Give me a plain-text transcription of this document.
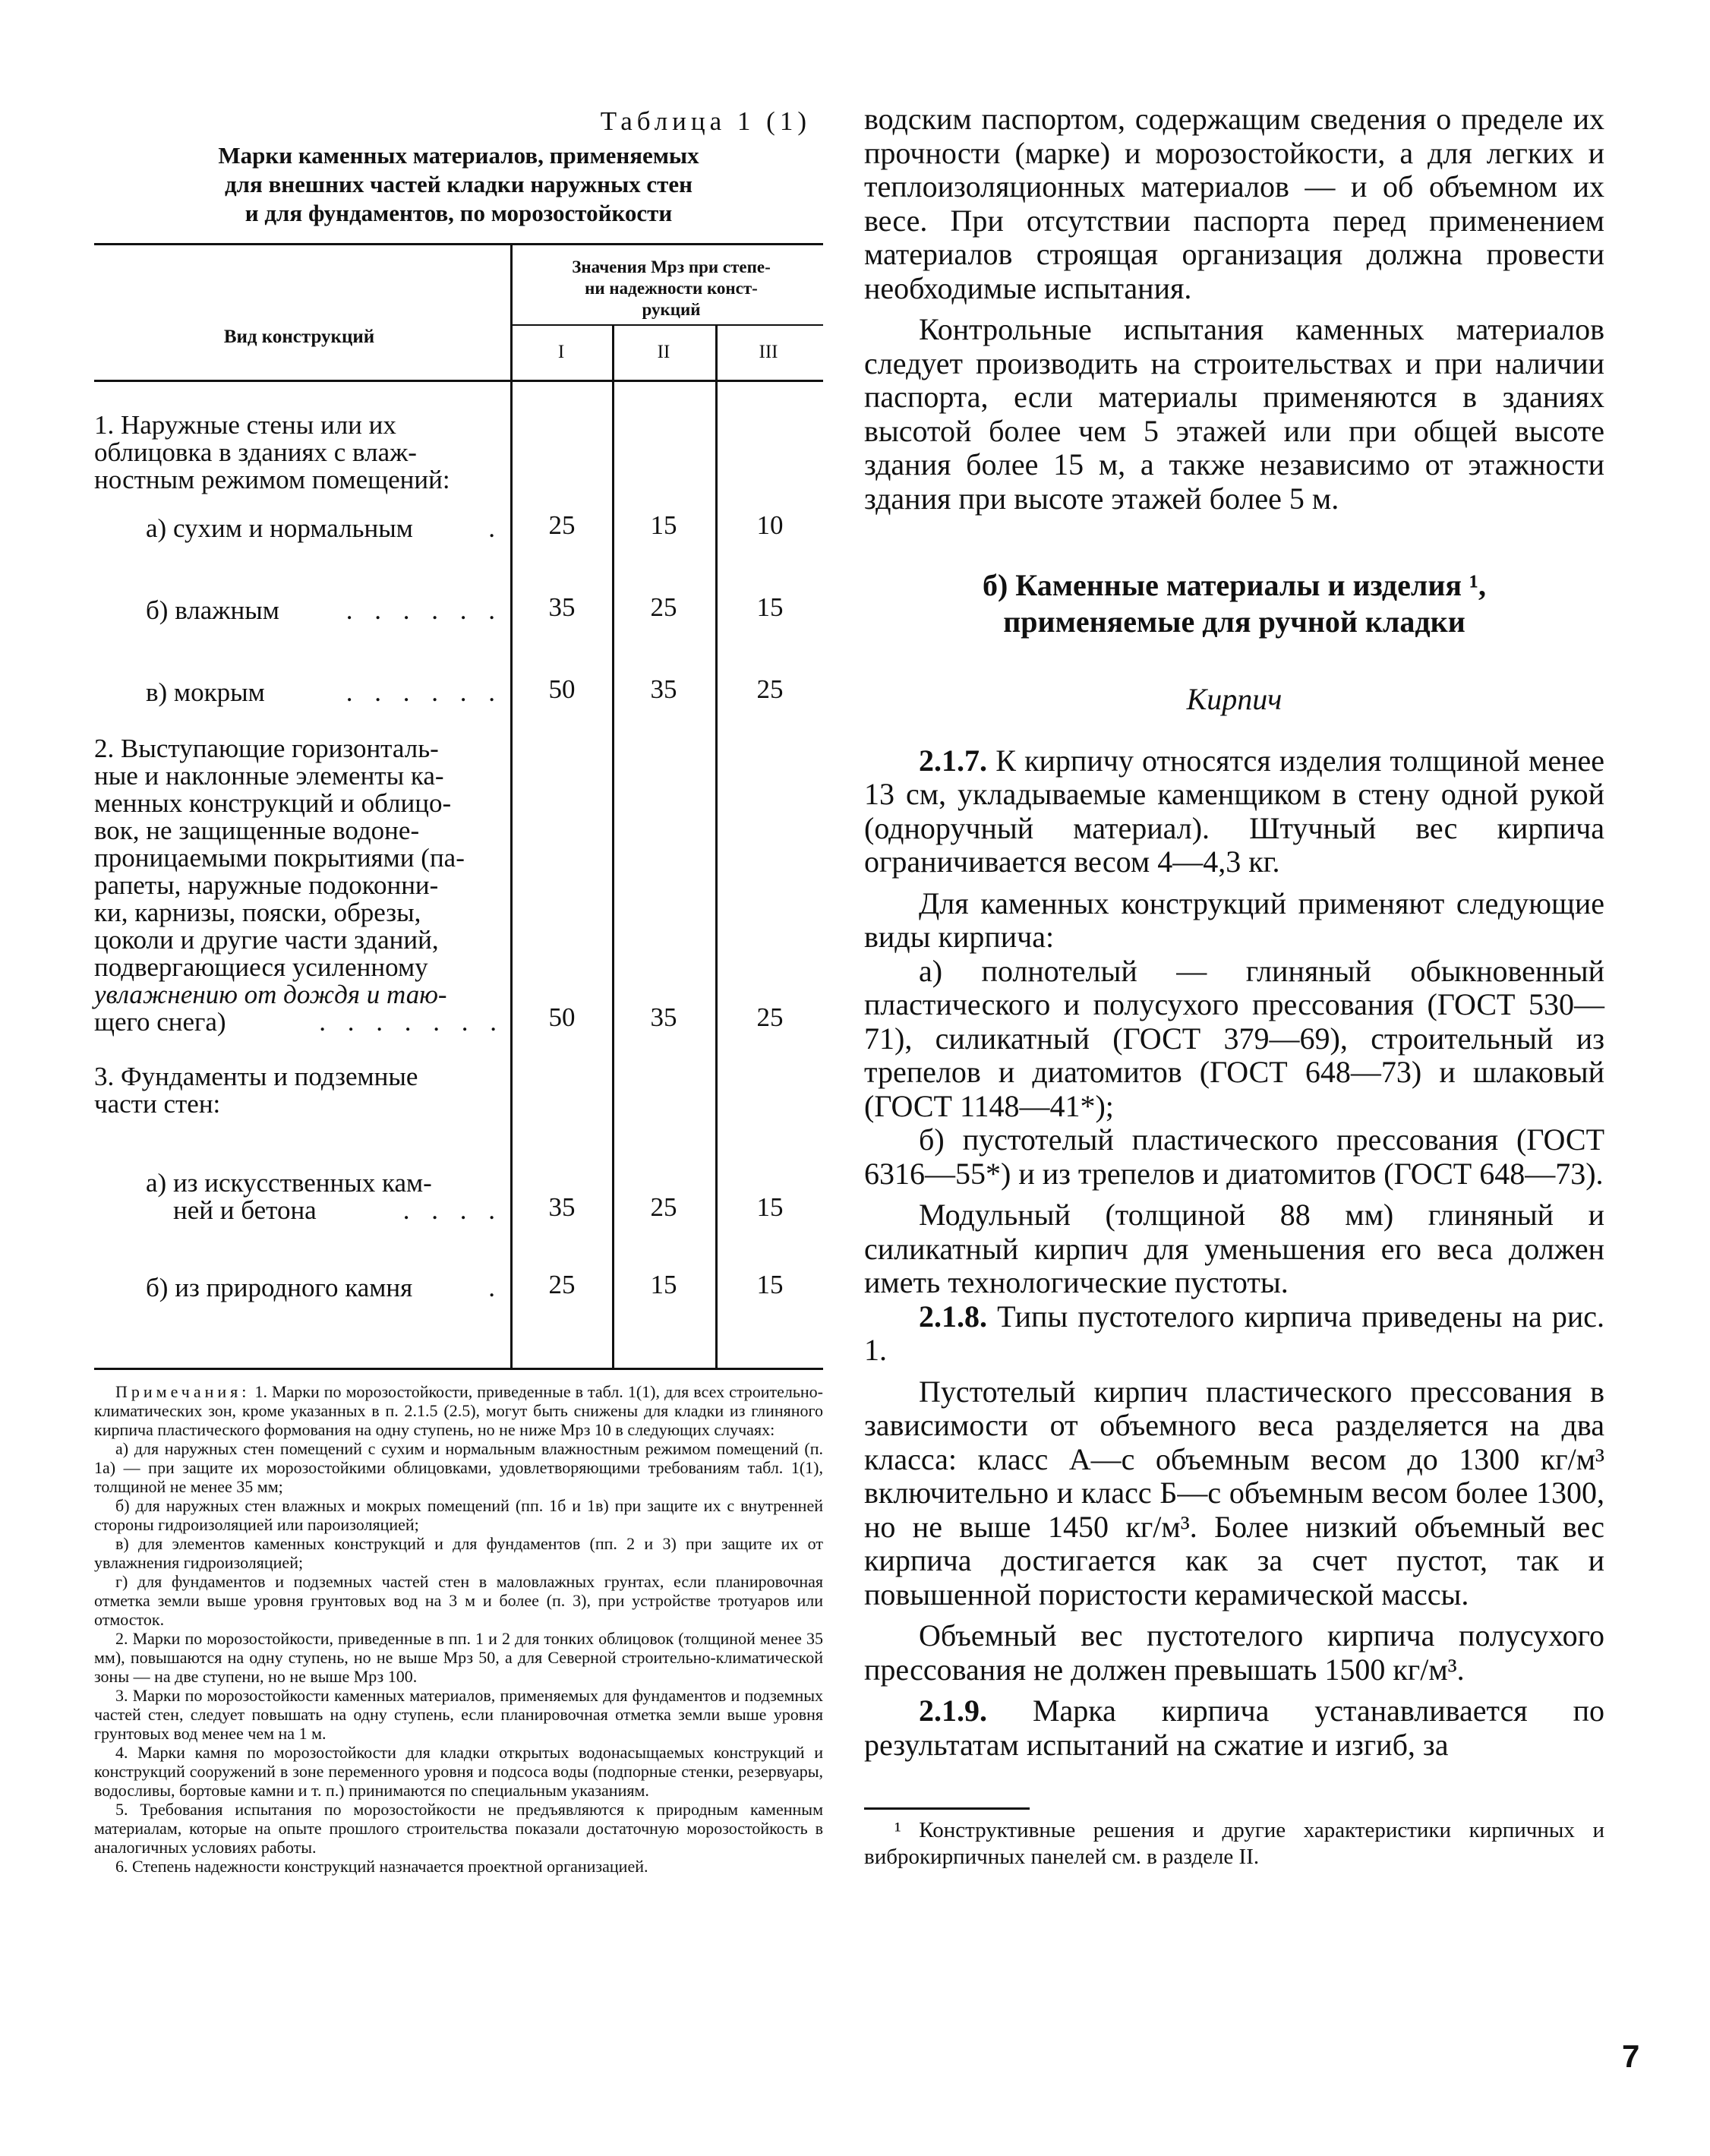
Таблица 1 (1)
Марки каменных материалов, применяемых
для внешних частей кладки наружных стен
и для фундаментов, по морозостойкости
Вид конструкций
Значения Мрз при степе-
ни надежности конст-
рукций
I	II	III
1. Наружные стены или их
облицовка в зданиях с влаж-
ностным режимом помещений:
а) сухим и нормальным	.	25	15	10
б) влажным	. . . . . .	35	25	15
в) мокрым	. . . . . .	50	35	25
2. Выступающие горизонталь-
ные и наклонные элементы ка-
менных конструкций и облицо-
вок, не защищенные водоне-
проницаемыми покрытиями (па-
рапеты, наружные подоконни-
ки, карнизы, пояски, обрезы,
цоколи и другие части зданий,
подвергающиеся усиленному
увлажнению от дождя и таю-
щего снега)	. . . . . . .	50	35	25
3. Фундаменты и подземные
части стен:
а) из искусственных кам-
ней и бетона	. . . .	35	25	15
б) из природного камня	.	25	15	15

Примечания: 1. Марки по морозостойкости, приведенные в табл. 1(1), для всех строительно-климатических зон, кроме указанных в п. 2.1.5 (2.5), могут быть снижены для кладки из глиняного кирпича пластического формования на одну ступень, но не ниже Мрз 10 в следующих случаях:

а) для наружных стен помещений с сухим и нормальным влажностным режимом помещений (п. 1а) — при защите их морозостойкими облицовками, удовлетворяющими требованиям табл. 1(1), толщиной не менее 35 мм;

б) для наружных стен влажных и мокрых помещений (пп. 1б и 1в) при защите их с внутренней стороны гидроизоляцией или пароизоляцией;

в) для элементов каменных конструкций и для фундаментов (пп. 2 и 3) при защите их от увлажнения гидроизоляцией;

г) для фундаментов и подземных частей стен в маловлажных грунтах, если планировочная отметка земли выше уровня грунтовых вод на 3 м и более (п. 3), при устройстве тротуаров или отмосток.

2. Марки по морозостойкости, приведенные в пп. 1 и 2 для тонких облицовок (толщиной менее 35 мм), повышаются на одну ступень, но не выше Мрз 50, а для Северной строительно-климатической зоны — на две ступени, но не выше Мрз 100.

3. Марки по морозостойкости каменных материалов, применяемых для фундаментов и подземных частей стен, следует повышать на одну ступень, если планировочная отметка земли выше уровня грунтовых вод менее чем на 1 м.

4. Марки камня по морозостойкости для кладки открытых водонасыщаемых конструкций и конструкций сооружений в зоне переменного уровня и подсоса воды (подпорные стенки, резервуары, водосливы, бортовые камни и т. п.) принимаются по специальным указаниям.

5. Требования испытания по морозостойкости не предъявляются к природным каменным материалам, которые на опыте прошлого строительства показали достаточную морозостойкость в аналогичных условиях работы.

6. Степень надежности конструкций назначается проектной организацией.

водским паспортом, содержащим сведения о пределе их прочности (марке) и морозостойкости, а для легких и теплоизоляционных материалов — и об объемном их весе. При отсутствии паспорта перед применением материалов строящая организация должна провести необходимые испытания.

Контрольные испытания каменных материалов следует производить на строительствах и при наличии паспорта, если материалы применяются в зданиях высотой более чем 5 этажей или при общей высоте здания более 15 м, а также независимо от этажности здания при высоте этажей более 5 м.

б) Каменные материалы и изделия ¹,
применяемые для ручной кладки
Кирпич

2.1.7. К кирпичу относятся изделия толщиной менее 13 см, укладываемые каменщиком в стену одной рукой (одноручный материал). Штучный вес кирпича ограничивается весом 4—4,3 кг.

Для каменных конструкций применяют следующие виды кирпича:

а) полнотелый — глиняный обыкновенный пластического и полусухого прессования (ГОСТ 530—71), силикатный (ГОСТ 379—69), строительный из трепелов и диатомитов (ГОСТ 648—73) и шлаковый (ГОСТ 1148—41*);

б) пустотелый пластического прессования (ГОСТ 6316—55*) и из трепелов и диатомитов (ГОСТ 648—73).

Модульный (толщиной 88 мм) глиняный и силикатный кирпич для уменьшения его веса должен иметь технологические пустоты.

2.1.8. Типы пустотелого кирпича приведены на рис. 1.

Пустотелый кирпич пластического прессования в зависимости от объемного веса разделяется на два класса: класс А—с объемным весом до 1300 кг/м³ включительно и класс Б—с объемным весом более 1300, но не выше 1450 кг/м³. Более низкий объемный вес кирпича достигается как за счет пустот, так и повышенной пористости керамической массы.

Объемный вес пустотелого кирпича полусухого прессования не должен превышать 1500 кг/м³.

2.1.9. Марка кирпича устанавливается по результатам испытаний на сжатие и изгиб, за

¹ Конструктивные решения и другие характеристики кирпичных и виброкирпичных панелей см. в разделе II.

7
